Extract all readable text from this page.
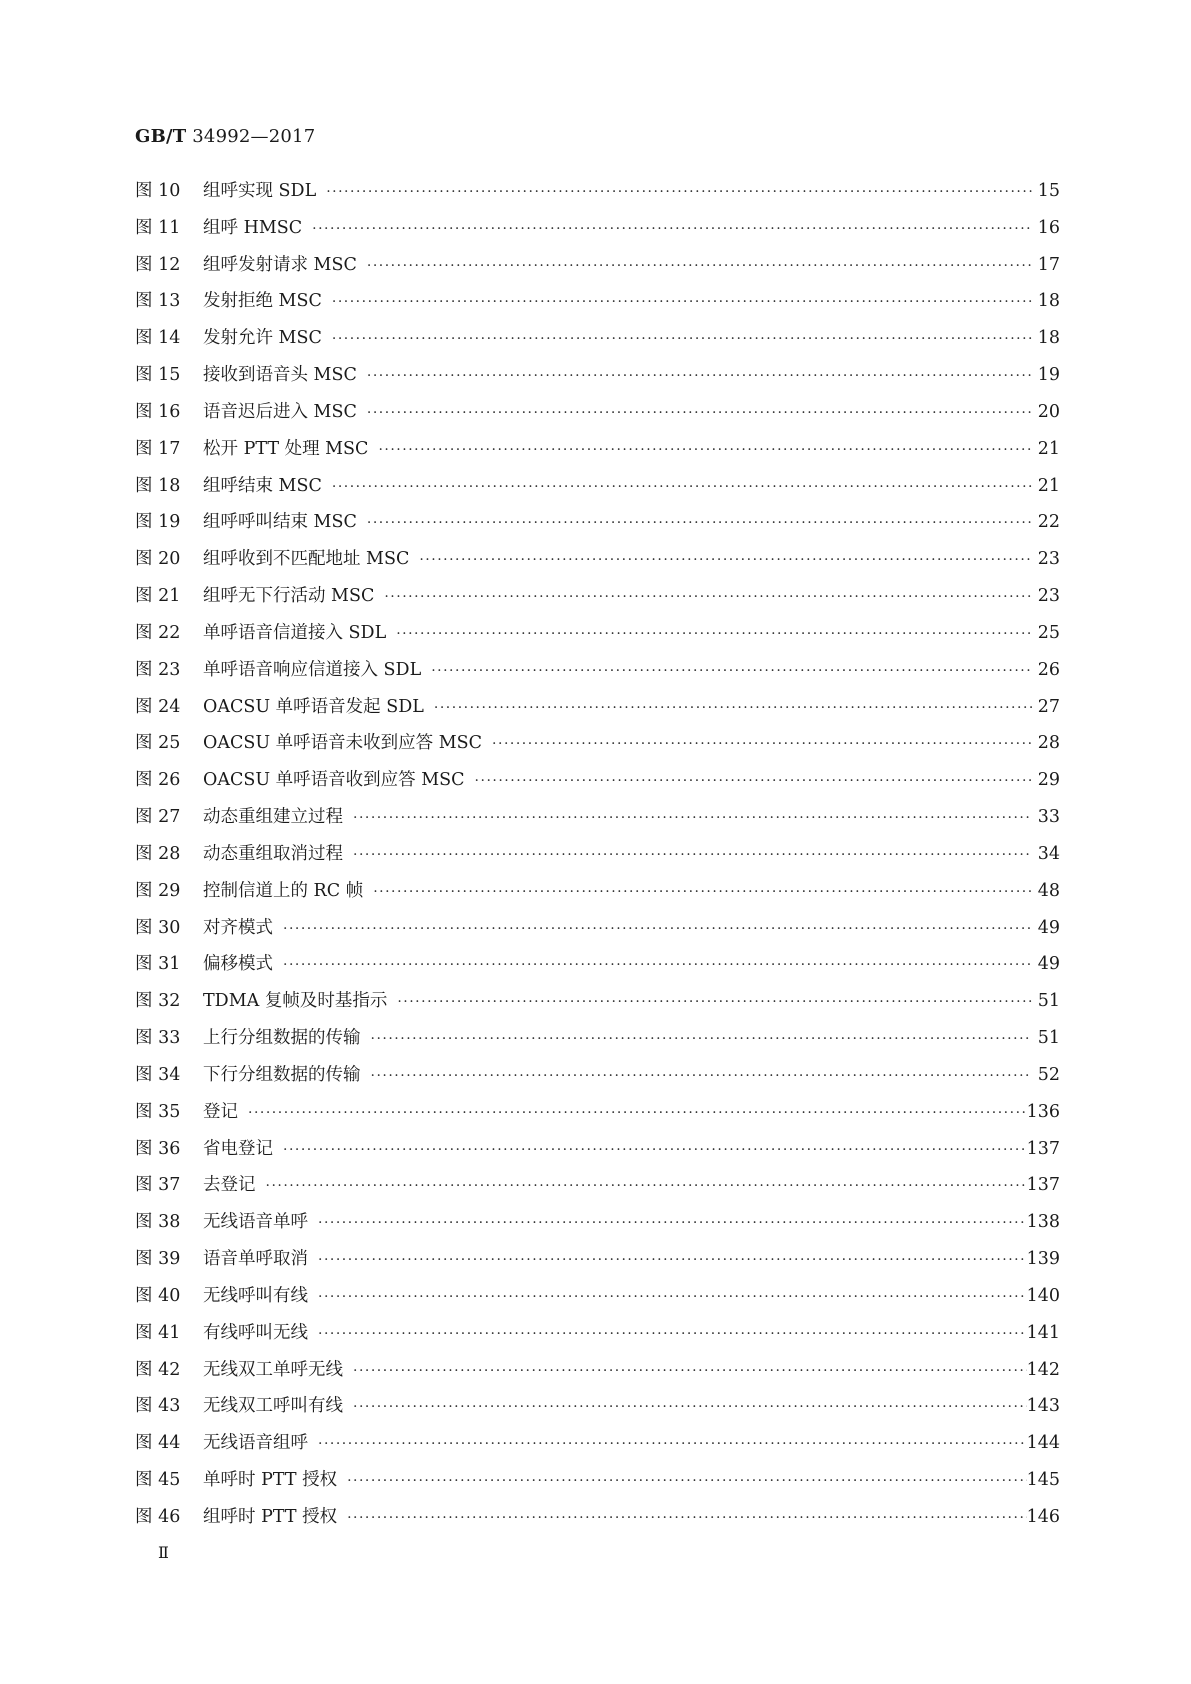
GB/T 34992—2017
图 10	组呼实现 SDL ·····	15
图 11	组呼 HMSC ·····	16
图 12	组呼发射请求 MSC ·····	17
图 13	发射拒绝 MSC ·····	18
图 14	发射允许 MSC ·····	18
图 15	接收到语音头 MSC ·····	19
图 16	语音迟后进入 MSC ·····	20
图 17	松开 PTT 处理 MSC ·····	21
图 18	组呼结束 MSC ·····	21
图 19	组呼呼叫结束 MSC ·····	22
图 20	组呼收到不匹配地址 MSC ·····	23
图 21	组呼无下行活动 MSC ·····	23
图 22	单呼语音信道接入 SDL ·····	25
图 23	单呼语音响应信道接入 SDL ·····	26
图 24	OACSU 单呼语音发起 SDL ·····	27
图 25	OACSU 单呼语音未收到应答 MSC ·····	28
图 26	OACSU 单呼语音收到应答 MSC ·····	29
图 27	动态重组建立过程 ·····	33
图 28	动态重组取消过程 ·····	34
图 29	控制信道上的 RC 帧 ·····	48
图 30	对齐模式 ·····	49
图 31	偏移模式 ·····	49
图 32	TDMA 复帧及时基指示 ·····	51
图 33	上行分组数据的传输 ·····	51
图 34	下行分组数据的传输 ·····	52
图 35	登记 ·····	136
图 36	省电登记 ·····	137
图 37	去登记 ·····	137
图 38	无线语音单呼 ·····	138
图 39	语音单呼取消 ·····	139
图 40	无线呼叫有线 ·····	140
图 41	有线呼叫无线 ·····	141
图 42	无线双工单呼无线 ·····	142
图 43	无线双工呼叫有线 ·····	143
图 44	无线语音组呼 ·····	144
图 45	单呼时 PTT 授权 ·····	145
图 46	组呼时 PTT 授权 ·····	146
Ⅱ
